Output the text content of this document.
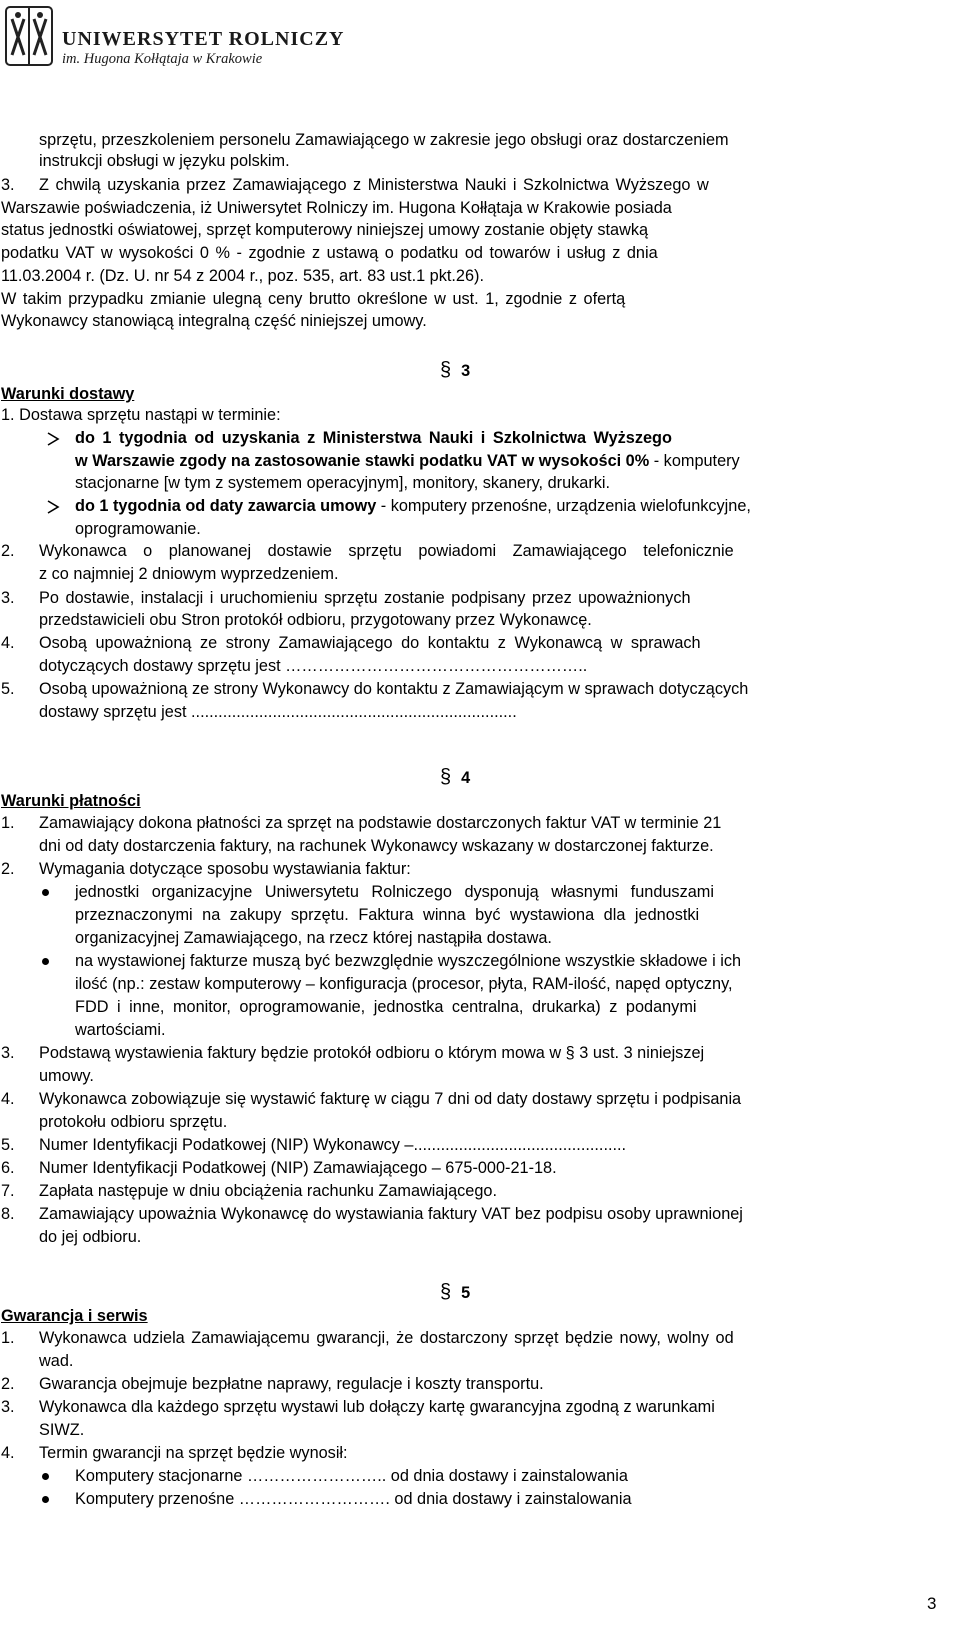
UNIWERSYTET ROLNICZY
im. Hugona Kołłątaja w Krakowie
sprzętu, przeszkoleniem personelu Zamawiającego w zakresie jego obsługi oraz dostarczeniem
instrukcji obsługi w języku polskim.
3. Z chwilą uzyskania przez Zamawiającego z Ministerstwa Nauki i Szkolnictwa Wyższego w
Warszawie poświadczenia, iż Uniwersytet Rolniczy im. Hugona Kołłątaja w Krakowie posiada
status jednostki oświatowej, sprzęt komputerowy niniejszej umowy zostanie objęty stawką
podatku VAT w wysokości 0 % - zgodnie z ustawą o podatku od towarów i usług z dnia
11.03.2004 r. (Dz. U. nr 54 z 2004 r., poz. 535, art. 83 ust.1 pkt.26).
W takim przypadku zmianie ulegną ceny brutto określone w ust. 1, zgodnie z ofertą
Wykonawcy stanowiącą integralną część niniejszej umowy.
§ 3
Warunki dostawy
1. Dostawa sprzętu nastąpi w terminie:
do 1 tygodnia od uzyskania z Ministerstwa Nauki i Szkolnictwa Wyższego
w Warszawie zgody na zastosowanie stawki podatku VAT w wysokości 0% - komputery
stacjonarne [w tym z systemem operacyjnym], monitory, skanery, drukarki.
do 1 tygodnia od daty zawarcia umowy - komputery przenośne, urządzenia wielofunkcyjne,
oprogramowanie.
2. Wykonawca o planowanej dostawie sprzętu powiadomi Zamawiającego telefonicznie
z co najmniej 2 dniowym wyprzedzeniem.
3. Po dostawie, instalacji i uruchomieniu sprzętu zostanie podpisany przez upoważnionych
przedstawicieli obu Stron protokół odbioru, przygotowany przez Wykonawcę.
4. Osobą upoważnioną ze strony Zamawiającego do kontaktu z Wykonawcą w sprawach
dotyczących dostawy sprzętu jest ………………………………………………..
5. Osobą upoważnioną ze strony Wykonawcy do kontaktu z Zamawiającym w sprawach dotyczących
dostawy sprzętu jest ........................................................................
§ 4
Warunki płatności
1. Zamawiający dokona płatności za sprzęt na podstawie dostarczonych faktur VAT w terminie 21
dni od daty dostarczenia faktury, na rachunek Wykonawcy wskazany w dostarczonej fakturze.
2. Wymagania dotyczące sposobu wystawiania faktur:
jednostki organizacyjne Uniwersytetu Rolniczego dysponują własnymi funduszami
przeznaczonymi na zakupy sprzętu. Faktura winna być wystawiona dla jednostki
organizacyjnej Zamawiającego, na rzecz której nastąpiła dostawa.
na wystawionej fakturze muszą być bezwzględnie wyszczególnione wszystkie składowe i ich
ilość (np.: zestaw komputerowy – konfiguracja (procesor, płyta, RAM-ilość, napęd optyczny,
FDD i inne, monitor, oprogramowanie, jednostka centralna, drukarka) z podanymi
wartościami.
3. Podstawą wystawienia faktury będzie protokół odbioru o którym mowa w § 3 ust. 3 niniejszej
umowy.
4. Wykonawca zobowiązuje się wystawić fakturę w ciągu 7 dni od daty dostawy sprzętu i podpisania
protokołu odbioru sprzętu.
5. Numer Identyfikacji Podatkowej (NIP) Wykonawcy –...............................................
6. Numer Identyfikacji Podatkowej (NIP) Zamawiającego – 675-000-21-18.
7. Zapłata następuje w dniu obciążenia rachunku Zamawiającego.
8. Zamawiający upoważnia Wykonawcę do wystawiania faktury VAT bez podpisu osoby uprawnionej
do jej odbioru.
§ 5
Gwarancja i serwis
1. Wykonawca udziela Zamawiającemu gwarancji, że dostarczony sprzęt będzie nowy, wolny od
wad.
2. Gwarancja obejmuje bezpłatne naprawy, regulacje i koszty transportu.
3. Wykonawca dla każdego sprzętu wystawi lub dołączy kartę gwarancyjna zgodną z warunkami
SIWZ.
4. Termin gwarancji na sprzęt będzie wynosił:
Komputery stacjonarne …………………….. od dnia dostawy i zainstalowania
Komputery przenośne ………………………. od dnia dostawy i zainstalowania
3
